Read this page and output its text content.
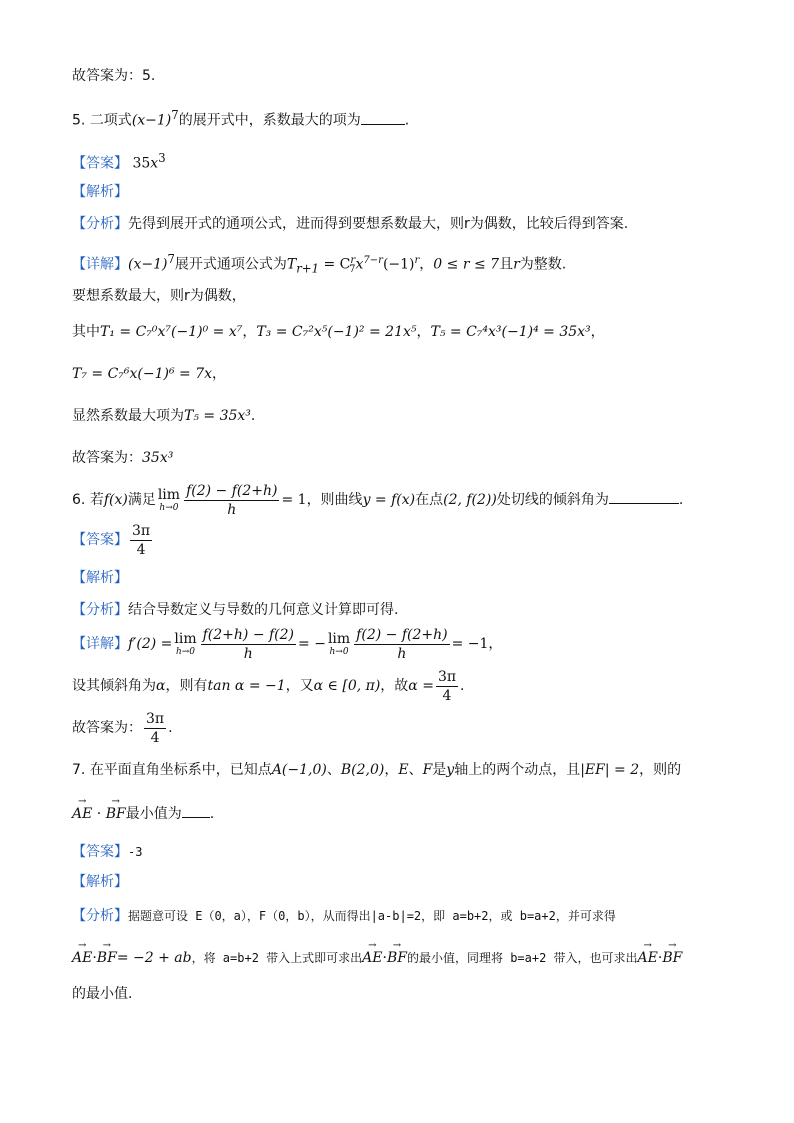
故答案为：5.
5. 二项式$(x-1)^7$的展开式中，系数最大的项为	.
【答案】 $35x^3$
【解析】
【分析】先得到展开式的通项公式，进而得到要想系数最大，则r为偶数，比较后得到答案.
【详解】$(x-1)^7$展开式通项公式为$T_{r+1} = C^r_7x^{7-r}(-1)^r$，0 ≤ r ≤ 7且r为整数.
要想系数最大，则r为偶数，
其中T₁ = C₇⁰x⁷(−1)⁰ = x⁷，T₃ = C₇²x⁵(−1)² = 21x⁵，T₅ = C₇⁴x³(−1)⁴ = 35x³，
T₇ = C₇⁶x(−1)⁶ = 7x，
显然系数最大项为T₅ = 35x³.
故答案为：35x³
6. 若f(x)满足 lim
$h\to 0 \frac{f(2) - f(2+h)}{h} = 1$，则曲线y = f(x)在点(2, f(2))处切线的倾斜角为	.
【答案】 $\frac{3\pi}{4}$
【解析】
【分析】结合导数定义与导数的几何意义计算即可得.
【详解】f′(2) = lim
$h\to 0 \frac{f(2+h) - f(2)}{h}$ = − lim
$h\to 0 \frac{f(2) - f(2+h)}{h} = -1$，
设其倾斜角为α，则有tan α = −1，又α ∈ [0, π)，故$\alpha = \frac{3\pi}{4}$ .
故答案为： $\frac{3\pi}{4}$ .
7. 在平面直角坐标系中，已知点A(−1,0)、B(2,0)，E、F是y轴上的两个动点，且|EF| = 2，则的
→ AE · → BF最小值为 .
【答案】-3
【解析】
【分析】据题意可设 E（0，a），F（0，b），从而得出|a-b|=2，即 a=b+2，或 b=a+2，并可求得
→ AE·→ BF= −2 + ab，将 a=b+2 带入上式即可求出→ AE·→ BF的最小值，同理将 b=a+2 带入，也可求出→ AE·→ BF
的最小值.
